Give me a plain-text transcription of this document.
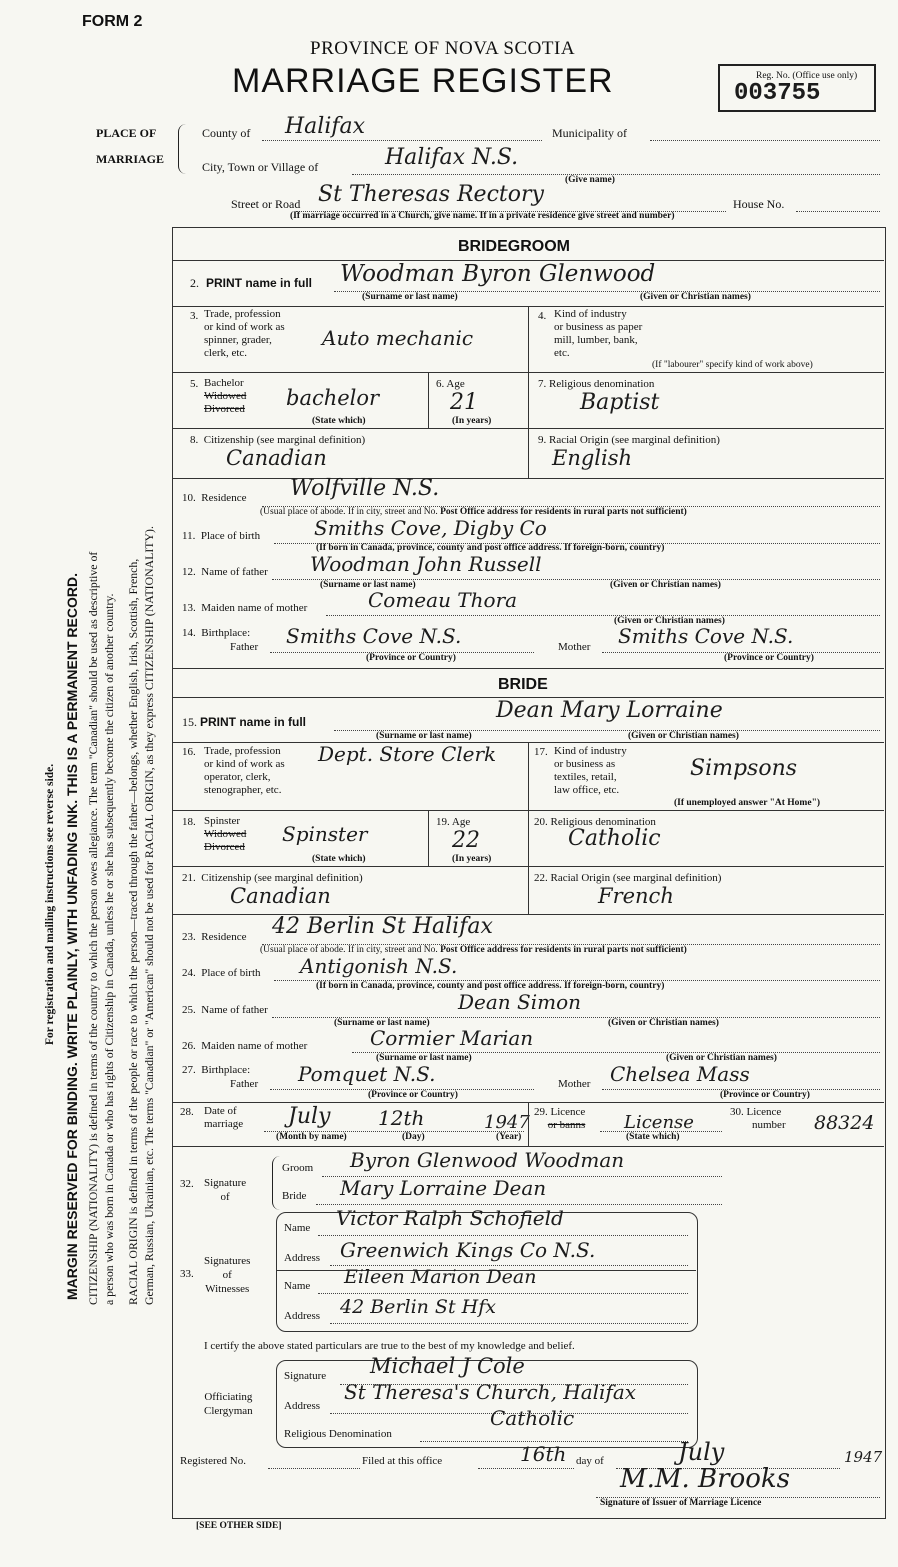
FORM 2
PROVINCE OF NOVA SCOTIA
MARRIAGE REGISTER	Reg. No. (Office use only)
003755
For registration and mailing instructions see reverse side. MARGIN RESERVED FOR BINDING. WRITE PLAINLY, WITH UNFADING INK. THIS IS A PERMANENT RECORD. CITIZENSHIP (NATIONALITY) is defined in terms of the country to which the person owes allegiance. The term "Canadian" should be used as descriptive of a person who was born in Canada or who has rights of Citizenship in Canada, unless he or she has subsequently become the citizen of another country. RACIAL ORIGIN is defined in terms of the people or race to which the person—traced through the father—belongs, whether English, Irish, Scottish, French, German, Russian, Ukrainian, etc. The terms "Canadian" or "American" should not be used for RACIAL ORIGIN, as they express CITIZENSHIP (NATIONALITY).
PLACE OF
MARRIAGE
County of Halifax	Municipality of
City, Town or Village of	Halifax N.S.
(Give name)
Street or Road St Theresas Rectory	House No.
(If marriage occurred in a Church, give name. If in a private residence give street and number)
BRIDEGROOM
2. PRINT name in full Woodman Byron Glenwood
(Surname or last name)	(Given or Christian names)
3. Trade, profession
or kind of work as
spinner, grader,
clerk, etc.
Auto mechanic
4. Kind of industry
or business as paper
mill, lumber, bank,
etc.
(If "labourer" specify kind of work above)
5. Bachelor
Widowed
Divorced bachelor
(State which)
6. Age
21
(In years)
7. Religious denomination
Baptist
8.  Citizenship (see marginal definition)
Canadian
9. Racial Origin (see marginal definition)
English
10.  Residence Wolfville N.S.
(Usual place of abode. If in city, street and No. Post Office address for residents in rural parts not sufficient)
11.  Place of birth	Smiths Cove, Digby Co
(If born in Canada, province, county and post office address. If foreign-born, country)
12.  Name of father Woodman John Russell
(Surname or last name)	(Given or Christian names)
13.  Maiden name of mother	Comeau Thora
(Given or Christian names)
14.  Birthplace:
Father Smiths Cove N.S.	Mother Smiths Cove N.S.
(Province or Country)	(Province or Country)
BRIDE
15. PRINT name in full	Dean Mary Lorraine
(Surname or last name)	(Given or Christian names)
16. Trade, profession
or kind of work as
operator, clerk,
stenographer, etc.
Dept. Store Clerk	17. Kind of industry
or business as
textiles, retail,
law office, etc.
Simpsons
(If unemployed answer "At Home")
18. Spinster
Widowed
Divorced
Spinster
(State which)
19. Age
22
(In years)
20. Religious denomination
Catholic
21.  Citizenship (see marginal definition)
Canadian
22. Racial Origin (see marginal definition)
French
23.  Residence 42 Berlin St Halifax
(Usual place of abode. If in city, street and No. Post Office address for residents in rural parts not sufficient)
24.  Place of birth Antigonish N.S.
(If born in Canada, province, county and post office address. If foreign-born, country)
25.  Name of father	Dean Simon
(Surname or last name)	(Given or Christian names)
26.  Maiden name of mother	Cormier Marian
(Surname or last name)	(Given or Christian names)
27.  Birthplace:
Father Pomquet N.S.	Mother Chelsea Mass
(Province or Country)	(Province or Country)
28. Date of
marriage July 12th	1947
(Month by name)	(Day)	(Year)
29. Licence
or banns License
(State which)
30. Licence
number 88324
32. Signature
of
Groom Byron Glenwood Woodman
Bride Mary Lorraine Dean
33.
Signatures
of
Witnesses
Name Victor Ralph Schofield
Address Greenwich Kings Co N.S.
Name Eileen Marion Dean
Address 42 Berlin St Hfx
I certify the above stated particulars are true to the best of my knowledge and belief.
Officiating
Clergyman
Signature Michael J Cole
Address
St Theresa's Church, Halifax
Religious Denomination
Catholic
Registered No.	Filed at this office	16th day of	July	1947
M.M. Brooks
Signature of Issuer of Marriage Licence
[SEE OTHER SIDE]
